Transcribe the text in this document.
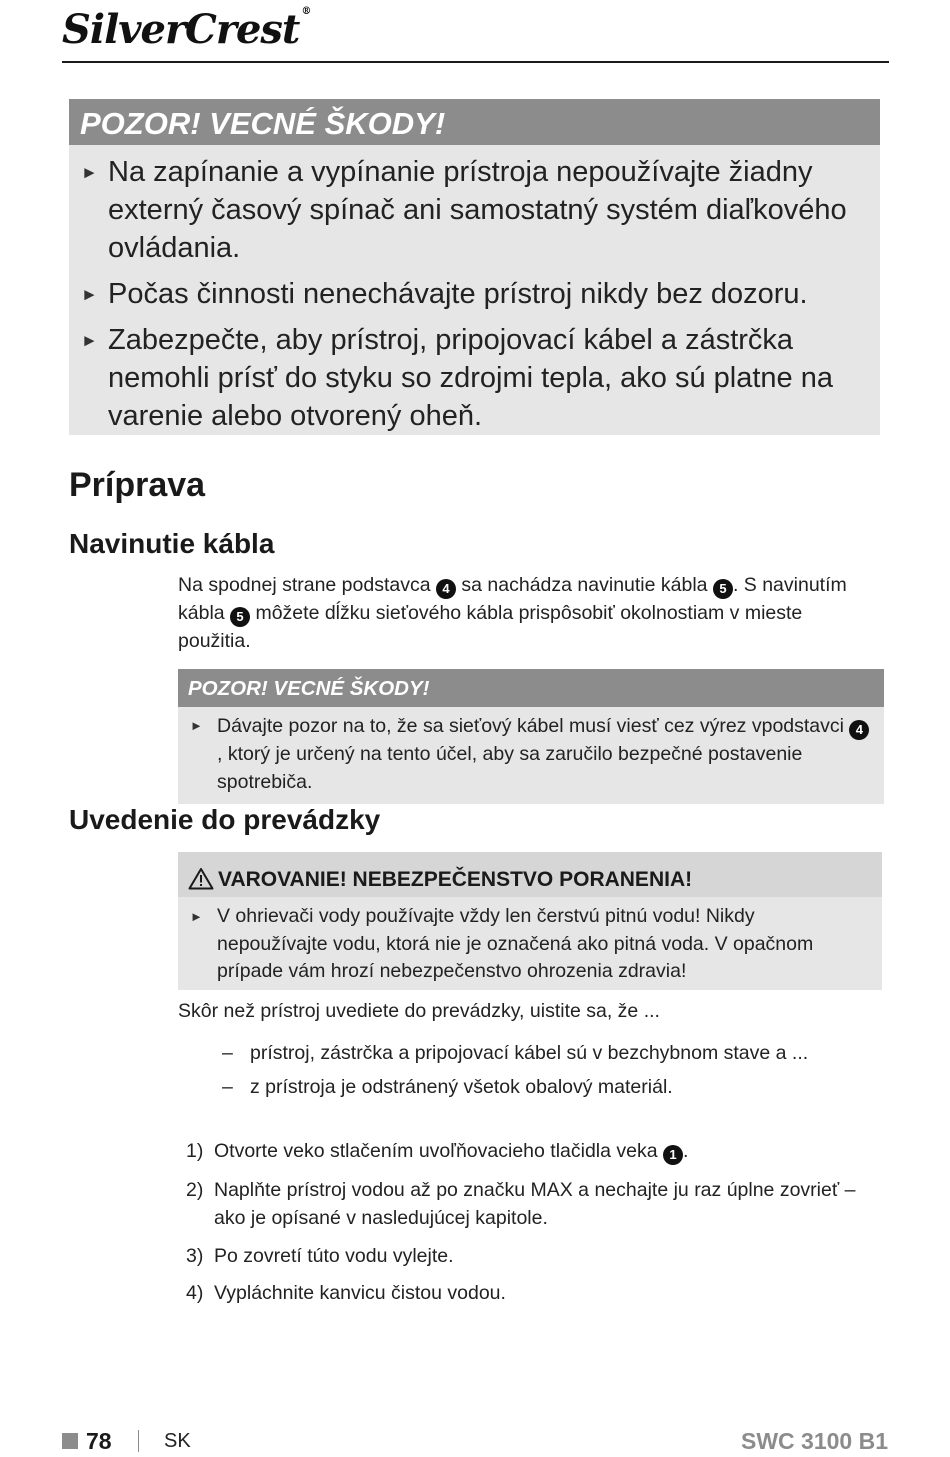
SilverCrest ®
POZOR! VECNÉ ŠKODY!
► Na zapínanie a vypínanie prístroja nepoužívajte žiadny externý časový spínač ani samostatný systém diaľkového ovládania.
► Počas činnosti nenechávajte prístroj nikdy bez dozoru.
► Zabezpečte, aby prístroj, pripojovací kábel a zástrčka nemohli prísť do styku so zdrojmi tepla, ako sú platne na varenie alebo otvorený oheň.
Príprava
Navinutie kábla
Na spodnej strane podstavca 4 sa nachádza navinutie kábla 5 . S navinutím kábla 5 môžete dĺžku sieťového kábla prispôsobiť okolnostiam v mieste použitia.
POZOR! VECNÉ ŠKODY!
► Dávajte pozor na to, že sa sieťový kábel musí viesť cez výrez vpodstavci 4, ktorý je určený na tento účel, aby sa zaručilo bezpečné postavenie spotrebiča.
Uvedenie do prevádzky
VAROVANIE! NEBEZPEČENSTVO PORANENIA!
► V ohrievači vody používajte vždy len čerstvú pitnú vodu! Nikdy nepoužívajte vodu, ktorá nie je označená ako pitná voda. V opačnom prípade vám hrozí nebezpečenstvo ohrozenia zdravia!
Skôr než prístroj uvediete do prevádzky, uistite sa, že ...
– prístroj, zástrčka a pripojovací kábel sú v bezchybnom stave a ...
– z prístroja je odstránený všetok obalový materiál.
1) Otvorte veko stlačením uvoľňovacieho tlačidla veka 1 .
2) Naplňte prístroj vodou až po značku MAX a nechajte ju raz úplne zovrieť – ako je opísané v nasledujúcej kapitole.
3) Po zovretí túto vodu vylejte.
4) Vypláchnite kanvicu čistou vodou.
78	SK	SWC 3100 B1
